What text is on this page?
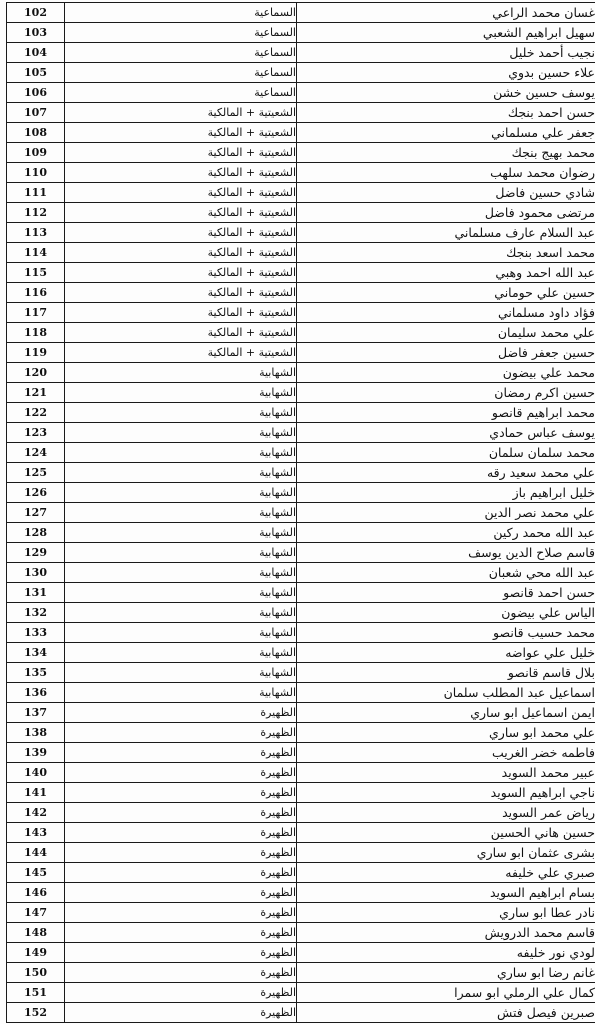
102	السماعية	غسان محمد الراعي
103	السماعية	سهيل ابراهيم الشعبي
104	السماعية	نجيب أحمد خليل
105	السماعية	علاء حسين بدوي
106	السماعية	يوسف حسين خشن
107	الشعيتية + المالكية	حسن احمد بنجك
108	الشعيتية + المالكية	جعفر علي مسلماني
109	الشعيتية + المالكية	محمد بهيج بنجك
110	الشعيتية + المالكية	رضوان محمد سلهب
111	الشعيتية + المالكية	شادي حسين فاضل
112	الشعيتية + المالكية	مرتضى محمود فاضل
113	الشعيتية + المالكية	عبد السلام عارف مسلماني
114	الشعيتية + المالكية	محمد اسعد بنجك
115	الشعيتية + المالكية	عبد الله احمد وهبي
116	الشعيتية + المالكية	حسين علي حوماني
117	الشعيتية + المالكية	فؤاد داود مسلماني
118	الشعيتية + المالكية	علي محمد سليمان
119	الشعيتية + المالكية	حسين جعفر فاضل
120	الشهابية	محمد علي بيضون
121	الشهابية	حسين اكرم رمضان
122	الشهابية	محمد ابراهيم قانصو
123	الشهابية	يوسف عباس حمادي
124	الشهابية	محمد سلمان سلمان
125	الشهابية	علي محمد سعيد رقه
126	الشهابية	خليل ابراهيم باز
127	الشهابية	علي محمد نصر الدين
128	الشهابية	عبد الله محمد ركين
129	الشهابية	قاسم صلاح الدين يوسف
130	الشهابية	عبد الله محي شعبان
131	الشهابية	حسن احمد قانصو
132	الشهابية	الياس علي بيضون
133	الشهابية	محمد حسيب قانصو
134	الشهابية	خليل علي عواضه
135	الشهابية	بلال قاسم قانصو
136	الشهابية	اسماعيل عبد المطلب سلمان
137	الظهيرة	ايمن اسماعيل ابو ساري
138	الظهيرة	علي محمد ابو ساري
139	الظهيرة	فاطمه خضر الغريب
140	الظهيرة	عبير محمد السويد
141	الظهيرة	ناجي ابراهيم السويد
142	الظهيرة	رياض عمر السويد
143	الظهيرة	حسين هاني الحسين
144	الظهيرة	بشرى عثمان ابو ساري
145	الظهيرة	صبري علي خليفه
146	الظهيرة	بسام ابراهيم السويد
147	الظهيرة	نادر عطا ابو ساري
148	الظهيرة	قاسم محمد الدرويش
149	الظهيرة	لودي نور خليفه
150	الظهيرة	غانم رضا ابو ساري
151	الظهيرة	كمال علي الرملي ابو سمرا
152	الظهيرة	صبرين فيصل فتش
